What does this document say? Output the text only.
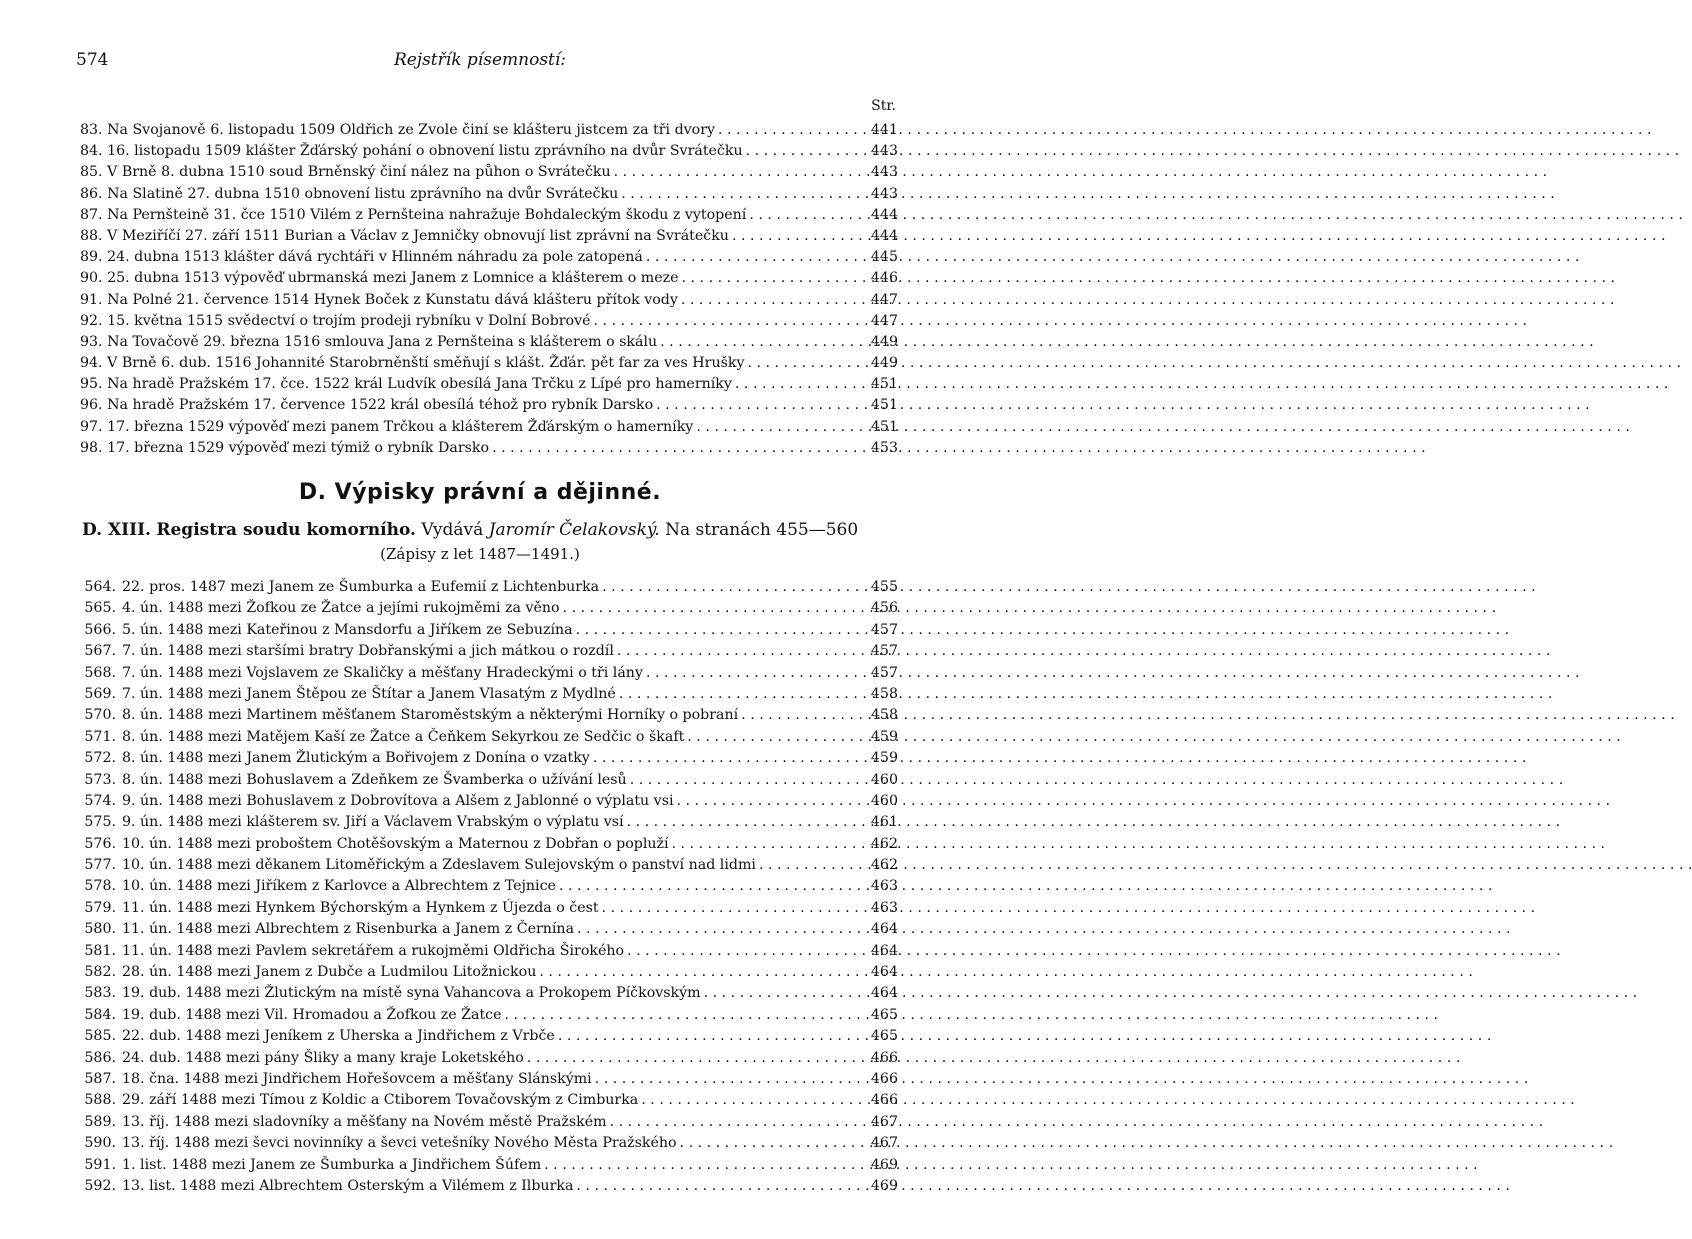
574	Rejstřík písemností:
Str.
83. Na Svojanově 6. listopadu 1509 Oldřich ze Zvole činí se klášteru jistcem za tři dvory . . .	441
84. 16. listopadu 1509 klášter Žďárský pohání o obnovení listu zprávního na dvůr Svrátečku . . .	443
85. V Brně 8. dubna 1510 soud Brněnský činí nález na půhon o Svrátečku . . .	443
86. Na Slatině 27. dubna 1510 obnovení listu zprávního na dvůr Svrátečku . . .	443
87. Na Pernšteině 31. čce 1510 Vilém z Pernšteina nahražuje Bohdaleckým škodu z vytopení . . .	444
88. V Meziříčí 27. září 1511 Burian a Václav z Jemničky obnovují list zprávní na Svrátečku . . .	444
89. 24. dubna 1513 klášter dává rychtáři v Hlinném náhradu za pole zatopená . . .	445
90. 25. dubna 1513 výpověď ubrmanská mezi Janem z Lomnice a klášterem o meze . . .	446
91. Na Polné 21. července 1514 Hynek Boček z Kunstatu dává klášteru přítok vody . . .	447
92. 15. května 1515 svědectví o trojím prodeji rybníku v Dolní Bobrové . . .	447
93. Na Tovačově 29. března 1516 smlouva Jana z Pernšteina s klášterem o skálu . . .	449
94. V Brně 6. dub. 1516 Johannité Starobrněnští směňují s klášt. Žďár. pět far za ves Hrušky . . .	449
95. Na hradě Pražském 17. čce. 1522 král Ludvík obesílá Jana Trčku z Lípé pro hamerníky . . .	451
96. Na hradě Pražském 17. července 1522 král obesílá téhož pro rybník Darsko . . .	451
97. 17. března 1529 výpověď mezi panem Trčkou a klášterem Žďárským o hamerníky . . .	451
98. 17. března 1529 výpověď mezi týmiž o rybník Darsko . . .	453
D. Výpisky právní a dějinné.
D. XIII. Registra soudu komorního. Vydává Jaromír Čelakovský. Na stranách 455—560
(Zápisy z let 1487—1491.)
564. 22. pros. 1487 mezi Janem ze Šumburka a Eufemií z Lichtenburka . . .	455
565. 4. ún. 1488 mezi Žofkou ze Žatce a jejími rukojměmi za věno . . .	456
566. 5. ún. 1488 mezi Kateřinou z Mansdorfu a Jiříkem ze Sebuzína . . .	457
567. 7. ún. 1488 mezi staršími bratry Dobřanskými a jich mátkou o rozdíl . . .	457
568. 7. ún. 1488 mezi Vojslavem ze Skaličky a měšťany Hradeckými o tři lány . . .	457
569. 7. ún. 1488 mezi Janem Štěpou ze Štítar a Janem Vlasatým z Mydlné . . .	458
570. 8. ún. 1488 mezi Martinem měšťanem Staroměstským a některými Horníky o pobraní . . .	458
571. 8. ún. 1488 mezi Matějem Kaší ze Žatce a Čeňkem Sekyrkou ze Sedčic o škaft . . .	459
572. 8. ún. 1488 mezi Janem Žlutickým a Bořivojem z Donína o vzatky . . .	459
573. 8. ún. 1488 mezi Bohuslavem a Zdeňkem ze Švamberka o užívání lesů . . .	460
574. 9. ún. 1488 mezi Bohuslavem z Dobrovítova a Alšem z Jablonné o výplatu vsi . . .	460
575. 9. ún. 1488 mezi klášterem sv. Jiří a Václavem Vrabským o výplatu vsí . . .	461
576. 10. ún. 1488 mezi proboštem Chotěšovským a Maternou z Dobřan o popluží . . .	462
577. 10. ún. 1488 mezi děkanem Litoměřickým a Zdeslavem Sulejovským o panství nad lidmi . . .	462
578. 10. ún. 1488 mezi Jiříkem z Karlovce a Albrechtem z Tejnice . . .	463
579. 11. ún. 1488 mezi Hynkem Býchorským a Hynkem z Újezda o čest . . .	463
580. 11. ún. 1488 mezi Albrechtem z Risenburka a Janem z Černína . . .	464
581. 11. ún. 1488 mezi Pavlem sekretářem a rukojměmi Oldřicha Širokého . . .	464
582. 28. ún. 1488 mezi Janem z Dubče a Ludmilou Litožnickou . . .	464
583. 19. dub. 1488 mezi Žlutickým na místě syna Vahancova a Prokopem Píčkovským . . .	464
584. 19. dub. 1488 mezi Vil. Hromadou a Žofkou ze Žatce . . .	465
585. 22. dub. 1488 mezi Jeníkem z Uherska a Jindřichem z Vrbče . . .	465
586. 24. dub. 1488 mezi pány Šliky a many kraje Loketského . . .	466
587. 18. čna. 1488 mezi Jindřichem Hořešovcem a měšťany Slánskými . . .	466
588. 29. září 1488 mezi Tímou z Koldic a Ctiborem Tovačovským z Cimburka . . .	466
589. 13. říj. 1488 mezi sladovníky a měšťany na Novém městě Pražském . . .	467
590. 13. říj. 1488 mezi ševci novinníky a ševci vetešníky Nového Města Pražského . . .	467
591. 1. list. 1488 mezi Janem ze Šumburka a Jindřichem Šúfem . . .	469
592. 13. list. 1488 mezi Albrechtem Osterským a Vilémem z Ilburka . . .	469
